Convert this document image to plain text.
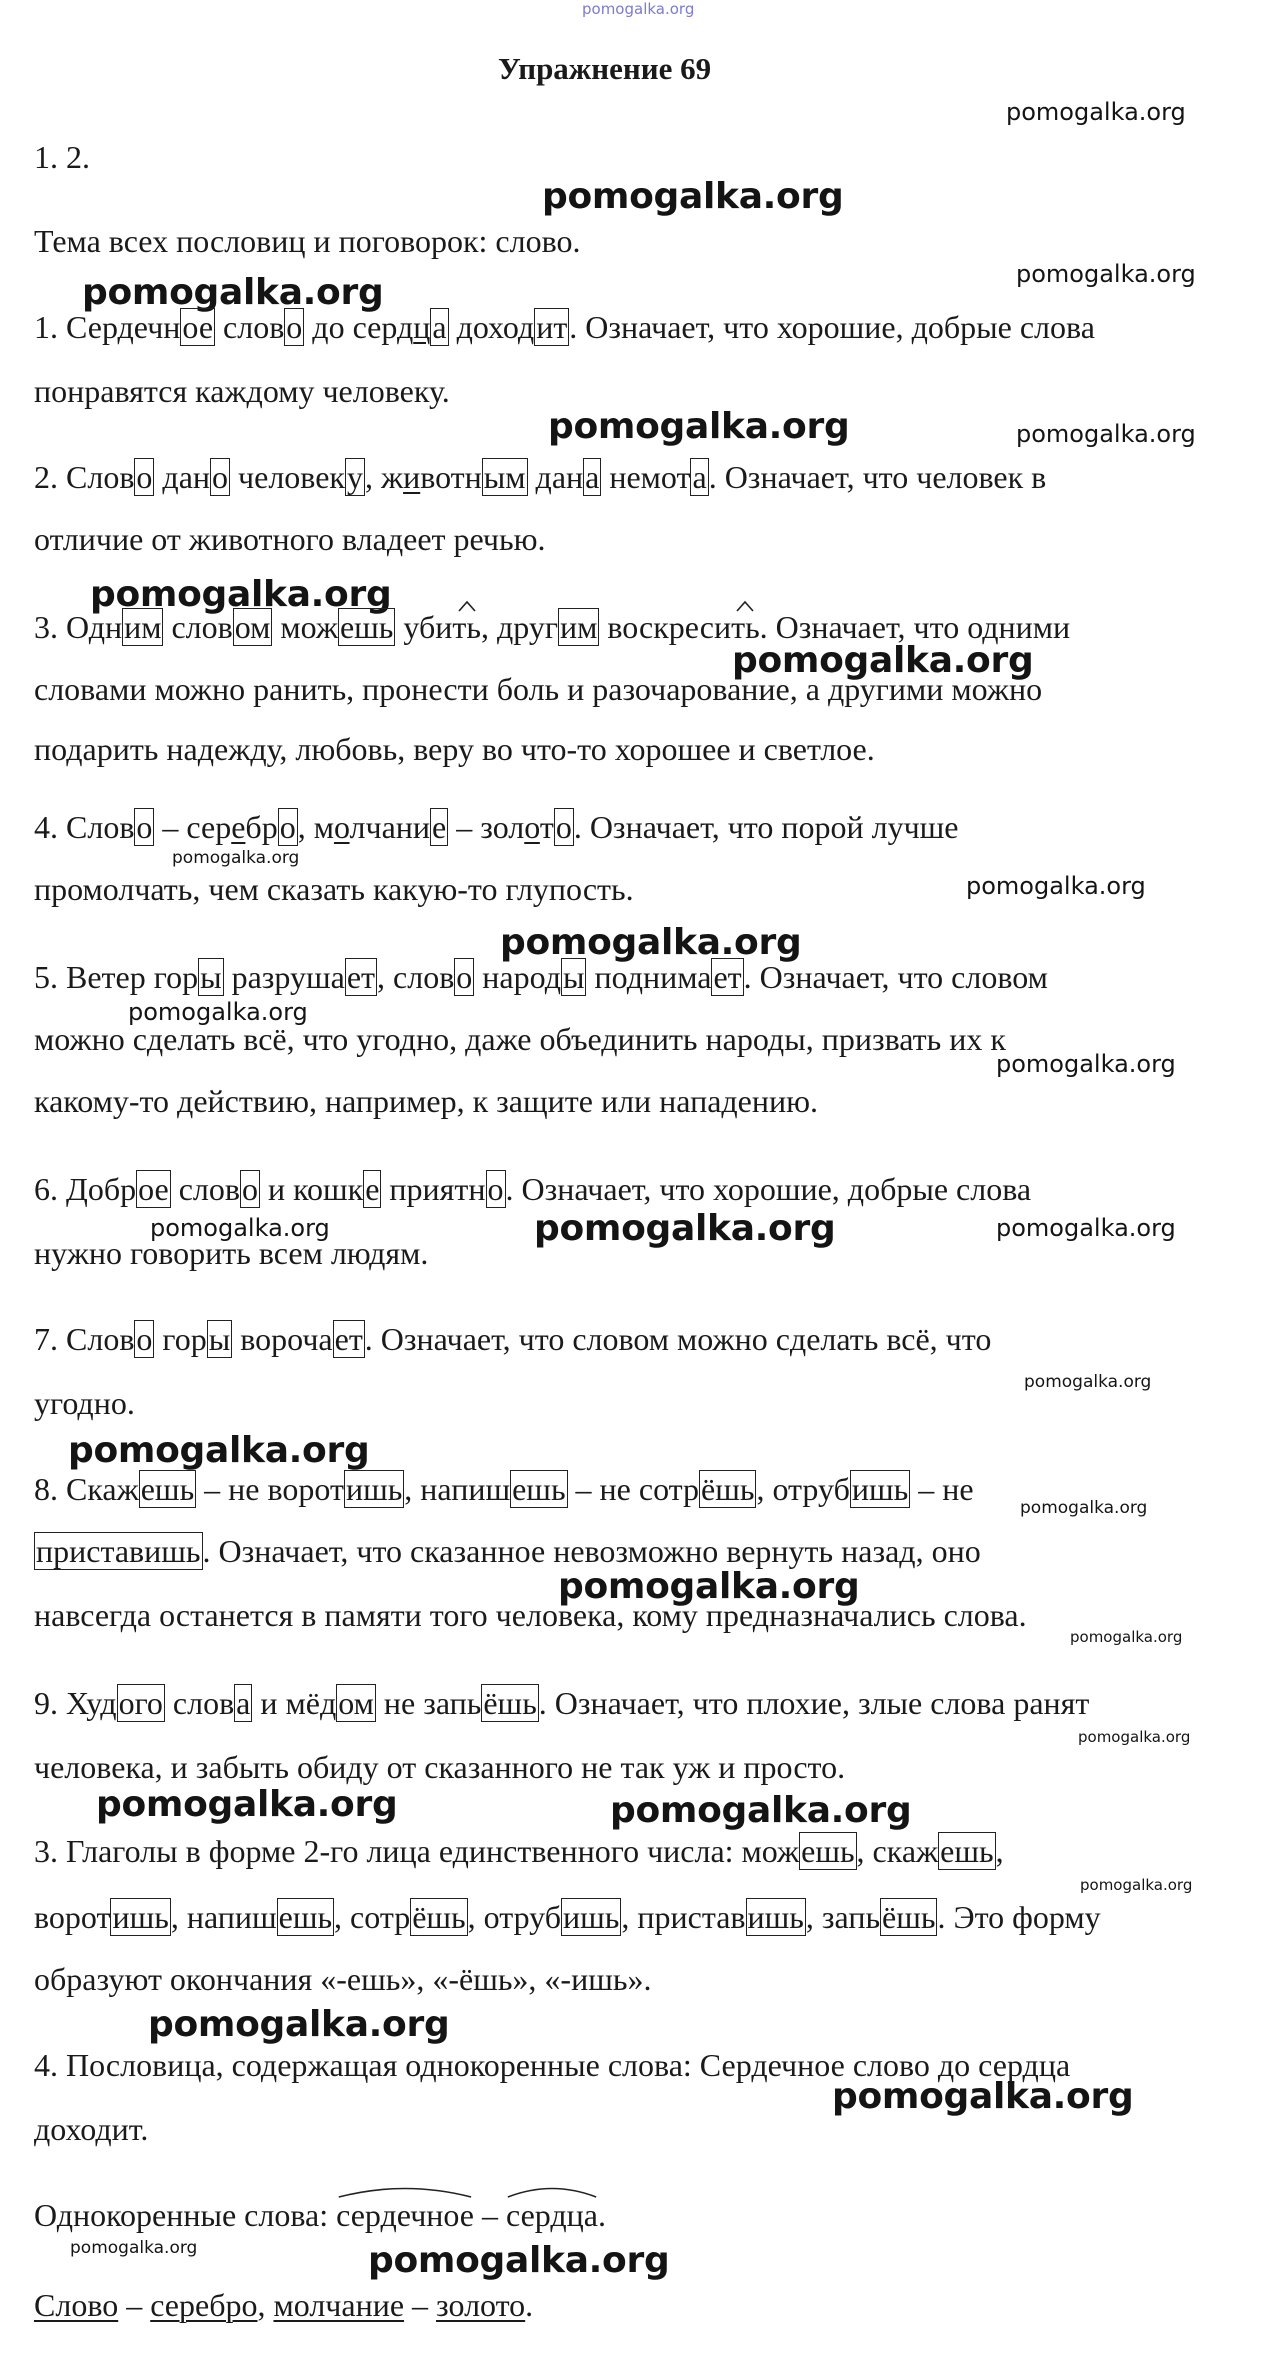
pomogalka.org
Упражнение 69
pomogalka.org
1. 2.
pomogalka.org
Тема всех пословиц и поговорок: слово.
pomogalka.org
pomogalka.org
1. Сердечное слово до сердца доходит. Означает, что хорошие, добрые слова
понравятся каждому человеку.
pomogalka.org	pomogalka.org
2. Слово дано человеку, животным дана немота. Означает, что человек в
отличие от животного владеет речью.
pomogalka.org
3. Одним словом можешь уби
ть, другим воскреси
ть. Означает, что одними
pomogalka.org
словами можно ранить, пронести боль и разочарование, а другими можно
подарить надежду, любовь, веру во что-то хорошее и светлое.
4. Слово – серебро, молчание – золото. Означает, что порой лучше
pomogalka.org
промолчать, чем сказать какую-то глупость.	pomogalka.org
pomogalka.org
5. Ветер горы разрушает, слово народы поднимает. Означает, что словом
pomogalka.org
можно сделать всё, что угодно, даже объединить народы, призвать их к
pomogalka.org
какому-то действию, например, к защите или нападению.
6. Доброе слово и кошке приятно. Означает, что хорошие, добрые слова
pomogalka.org	pomogalka.org	pomogalka.org
нужно говорить всем людям.
7. Слово горы ворочает. Означает, что словом можно сделать всё, что
pomogalka.org
угодно.
pomogalka.org
8. Скажешь – не воротишь, напишешь – не сотрёшь, отрубишь – не
pomogalka.org
приставишь. Означает, что сказанное невозможно вернуть назад, оно
pomogalka.org
навсегда останется в памяти того человека, кому предназначались слова.
pomogalka.org
9. Худого слова и мёдом не запьёшь. Означает, что плохие, злые слова ранят
pomogalka.org
человека, и забыть обиду от сказанного не так уж и просто.
pomogalka.org	pomogalka.org
3. Глаголы в форме 2-го лица единственного числа: можешь, скажешь,
pomogalka.org
воротишь, напишешь, сотрёшь, отрубишь, приставишь, запьёшь. Это форму
образуют окончания «-ешь», «-ёшь», «-ишь».
pomogalka.org
4. Пословица, содержащая однокоренные слова: Сердечное слово до сердца
pomogalka.org
доходит.
Однокоренные слова:
сердечное –
сердца.
pomogalka.org	pomogalka.org
Слово – серебро, молчание – золото.
